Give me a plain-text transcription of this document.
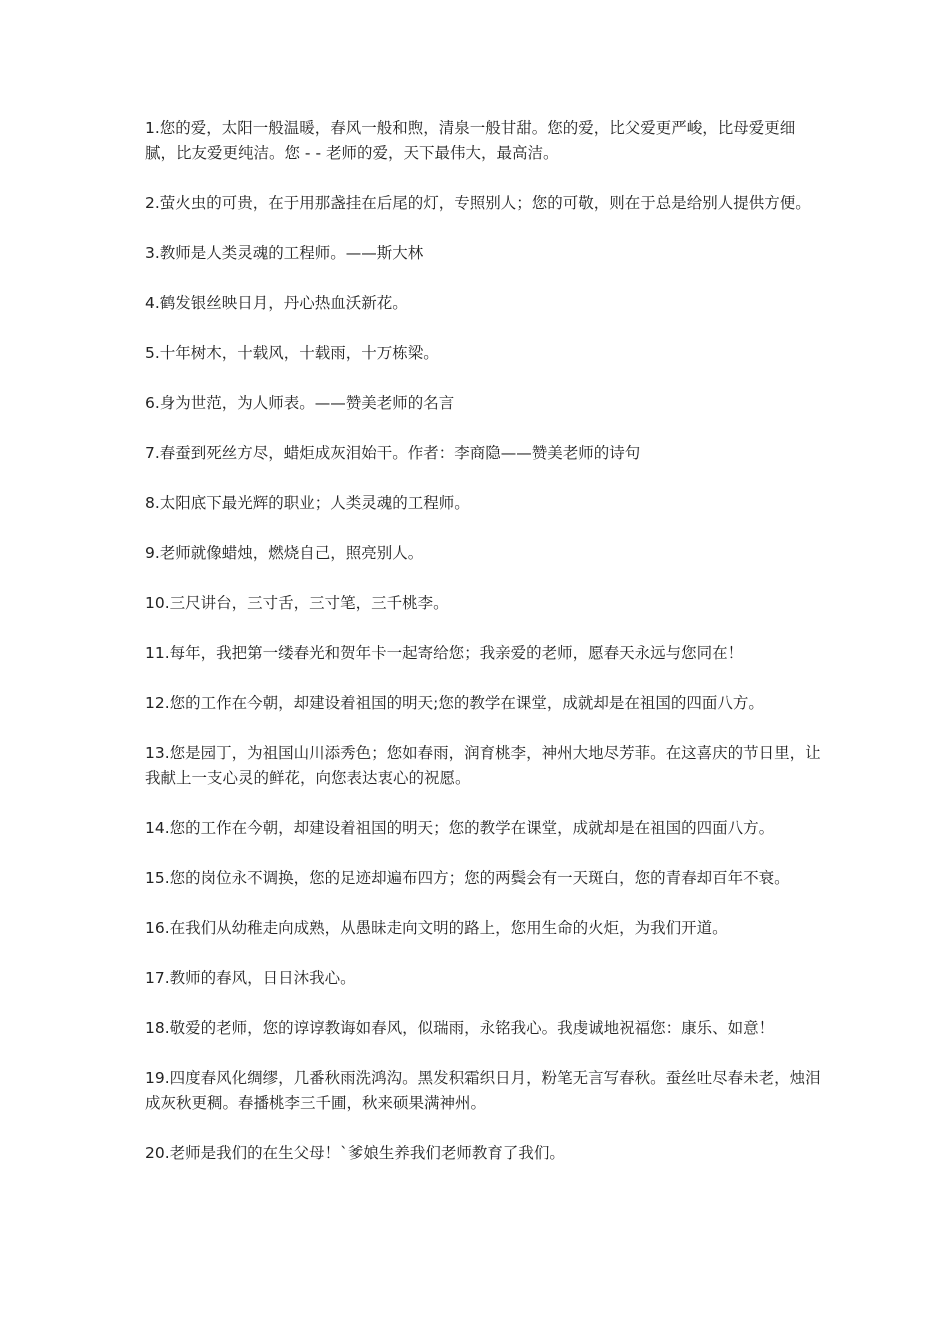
1.您的爱，太阳一般温暖，春风一般和煦，清泉一般甘甜。您的爱，比父爱更严峻，比母爱更细腻，比友爱更纯洁。您 - - 老师的爱，天下最伟大，最高洁。

2.萤火虫的可贵，在于用那盏挂在后尾的灯，专照别人；您的可敬，则在于总是给别人提供方便。

3.教师是人类灵魂的工程师。——斯大林

4.鹤发银丝映日月，丹心热血沃新花。

5.十年树木，十载风，十载雨，十万栋梁。

6.身为世范，为人师表。——赞美老师的名言

7.春蚕到死丝方尽，蜡炬成灰泪始干。作者：李商隐——赞美老师的诗句

8.太阳底下最光辉的职业；人类灵魂的工程师。

9.老师就像蜡烛，燃烧自己，照亮别人。

10.三尺讲台，三寸舌，三寸笔，三千桃李。

11.每年，我把第一缕春光和贺年卡一起寄给您；我亲爱的老师，愿春天永远与您同在！

12.您的工作在今朝，却建设着祖国的明天;您的教学在课堂，成就却是在祖国的四面八方。

13.您是园丁，为祖国山川添秀色；您如春雨，润育桃李，神州大地尽芳菲。在这喜庆的节日里，让我献上一支心灵的鲜花，向您表达衷心的祝愿。

14.您的工作在今朝，却建设着祖国的明天；您的教学在课堂，成就却是在祖国的四面八方。

15.您的岗位永不调换，您的足迹却遍布四方；您的两鬓会有一天斑白，您的青春却百年不衰。

16.在我们从幼稚走向成熟，从愚昧走向文明的路上，您用生命的火炬，为我们开道。

17.教师的春风，日日沐我心。

18.敬爱的老师，您的谆谆教诲如春风，似瑞雨，永铭我心。我虔诚地祝福您：康乐、如意！

19.四度春风化绸缪，几番秋雨洗鸿沟。黑发积霜织日月，粉笔无言写春秋。蚕丝吐尽春未老，烛泪成灰秋更稠。春播桃李三千圃，秋来硕果满神州。

20.老师是我们的在生父母！`爹娘生养我们老师教育了我们。
